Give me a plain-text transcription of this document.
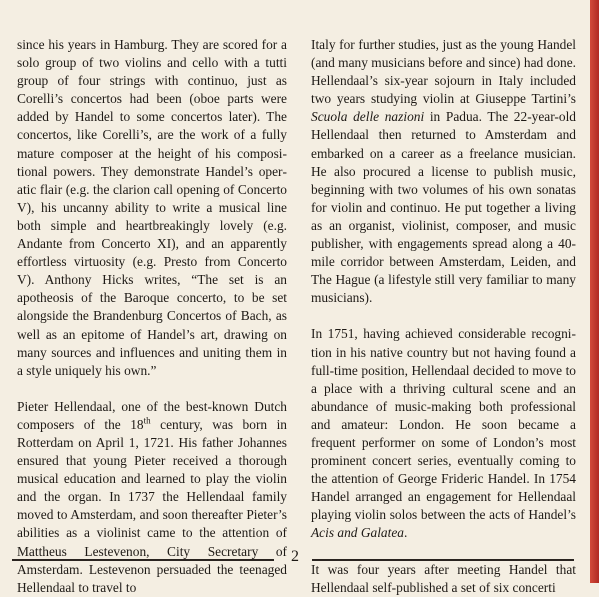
since his years in Hamburg. They are scored for a solo group of two violins and cello with a tutti group of four strings with continuo, just as Corelli’s concertos had been (oboe parts were added by Handel to some concertos later). The concertos, like Corelli’s, are the work of a fully mature composer at the height of his compositional powers. They demonstrate Handel’s operatic flair (e.g. the clarion call opening of Concerto V), his uncanny ability to write a musical line both simple and heartbreakingly lovely (e.g. Andante from Concerto XI), and an apparently effortless virtuosity (e.g. Presto from Concerto V). Anthony Hicks writes, “The set is an apotheosis of the Baroque concerto, to be set alongside the Brandenburg Concertos of Bach, as well as an epitome of Handel’s art, drawing on many sources and influences and uniting them in a style uniquely his own.”

Pieter Hellendaal, one of the best-known Dutch composers of the 18th century, was born in Rotterdam on April 1, 1721. His father Johannes ensured that young Pieter received a thorough musical education and learned to play the violin and the organ. In 1737 the Hellendaal family moved to Amsterdam, and soon thereafter Pieter’s abilities as a violinist came to the attention of Mattheus Lestevenon, City Secretary of Amsterdam. Lestevenon persuaded the teenaged Hellendaal to travel to

Italy for further studies, just as the young Handel (and many musicians before and since) had done. Hellendaal’s six-year sojourn in Italy included two years studying violin at Giuseppe Tartini’s Scuola delle nazioni in Padua. The 22-year-old Hellendaal then returned to Amsterdam and embarked on a career as a freelance musician. He also procured a license to publish music, beginning with two volumes of his own sonatas for violin and continuo. He put together a living as an organist, violinist, composer, and music publisher, with engagements spread along a 40-mile corridor between Amsterdam, Leiden, and The Hague (a lifestyle still very familiar to many musicians).

In 1751, having achieved considerable recognition in his native country but not having found a full-time position, Hellendaal decided to move to a place with a thriving cultural scene and an abundance of music-making both professional and amateur: London. He soon became a frequent performer on some of London’s most prominent concert series, eventually coming to the attention of George Frideric Handel. In 1754 Handel arranged an engagement for Hellendaal playing violin solos between the acts of Handel’s Acis and Galatea.

It was four years after meeting Handel that Hellendaal self-published a set of six concerti

2
